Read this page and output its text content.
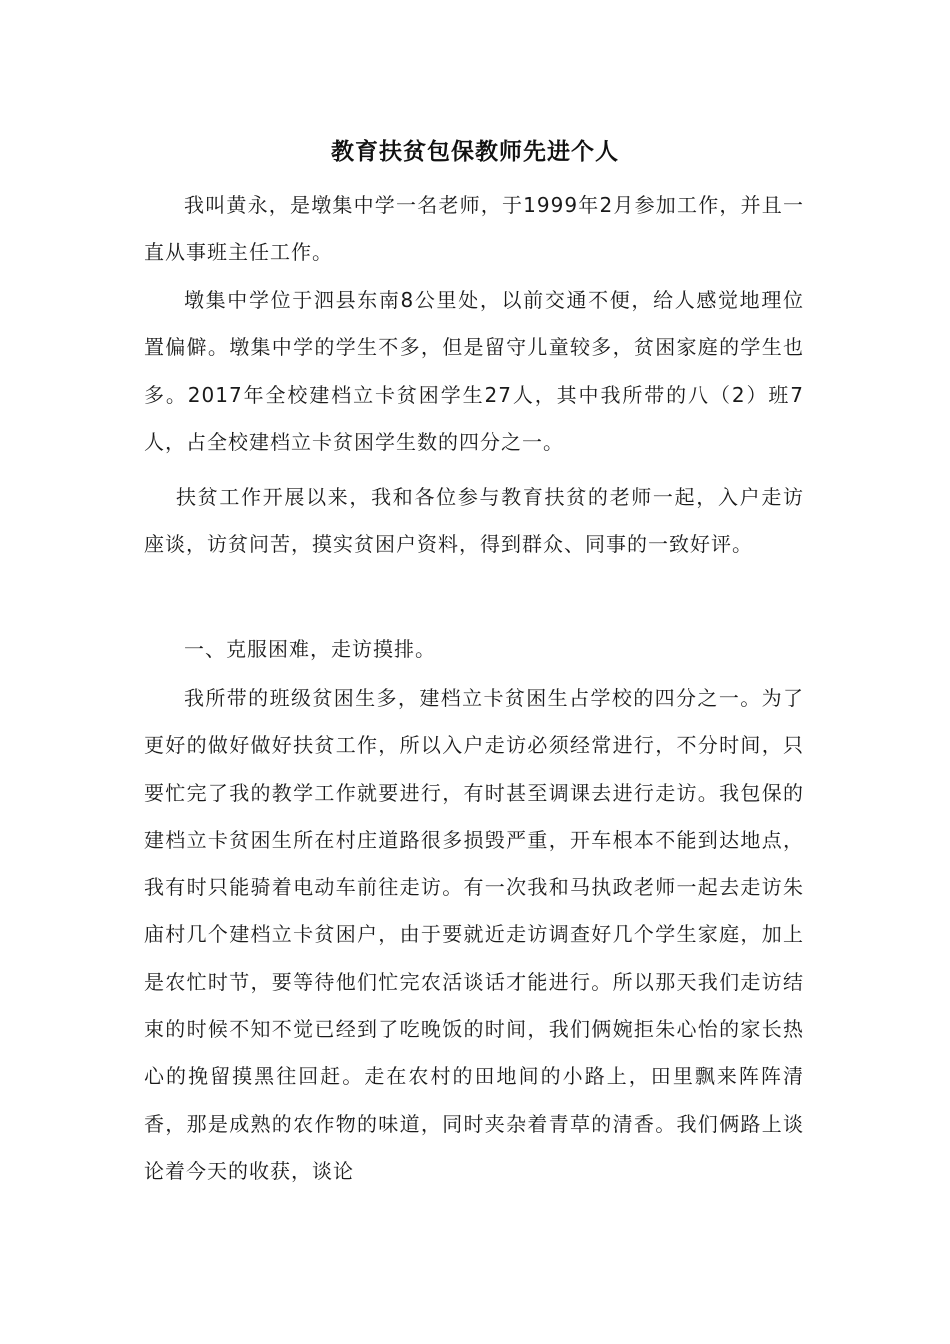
教育扶贫包保教师先进个人

我叫黄永，是墩集中学一名老师，于1999年2月参加工作，并且一直从事班主任工作。

墩集中学位于泗县东南8公里处，以前交通不便，给人感觉地理位置偏僻。墩集中学的学生不多，但是留守儿童较多，贫困家庭的学生也多。2017年全校建档立卡贫困学生27人，其中我所带的八（2）班7人，占全校建档立卡贫困学生数的四分之一。

扶贫工作开展以来，我和各位参与教育扶贫的老师一起，入户走访座谈，访贫问苦，摸实贫困户资料，得到群众、同事的一致好评。

一、克服困难，走访摸排。

我所带的班级贫困生多，建档立卡贫困生占学校的四分之一。为了更好的做好做好扶贫工作，所以入户走访必须经常进行，不分时间，只要忙完了我的教学工作就要进行，有时甚至调课去进行走访。我包保的建档立卡贫困生所在村庄道路很多损毁严重，开车根本不能到达地点，我有时只能骑着电动车前往走访。有一次我和马执政老师一起去走访朱庙村几个建档立卡贫困户，由于要就近走访调查好几个学生家庭，加上是农忙时节，要等待他们忙完农活谈话才能进行。所以那天我们走访结束的时候不知不觉已经到了吃晚饭的时间，我们俩婉拒朱心怡的家长热心的挽留摸黑往回赶。走在农村的田地间的小路上，田里飘来阵阵清香，那是成熟的农作物的味道，同时夹杂着青草的清香。我们俩路上谈论着今天的收获，谈论
